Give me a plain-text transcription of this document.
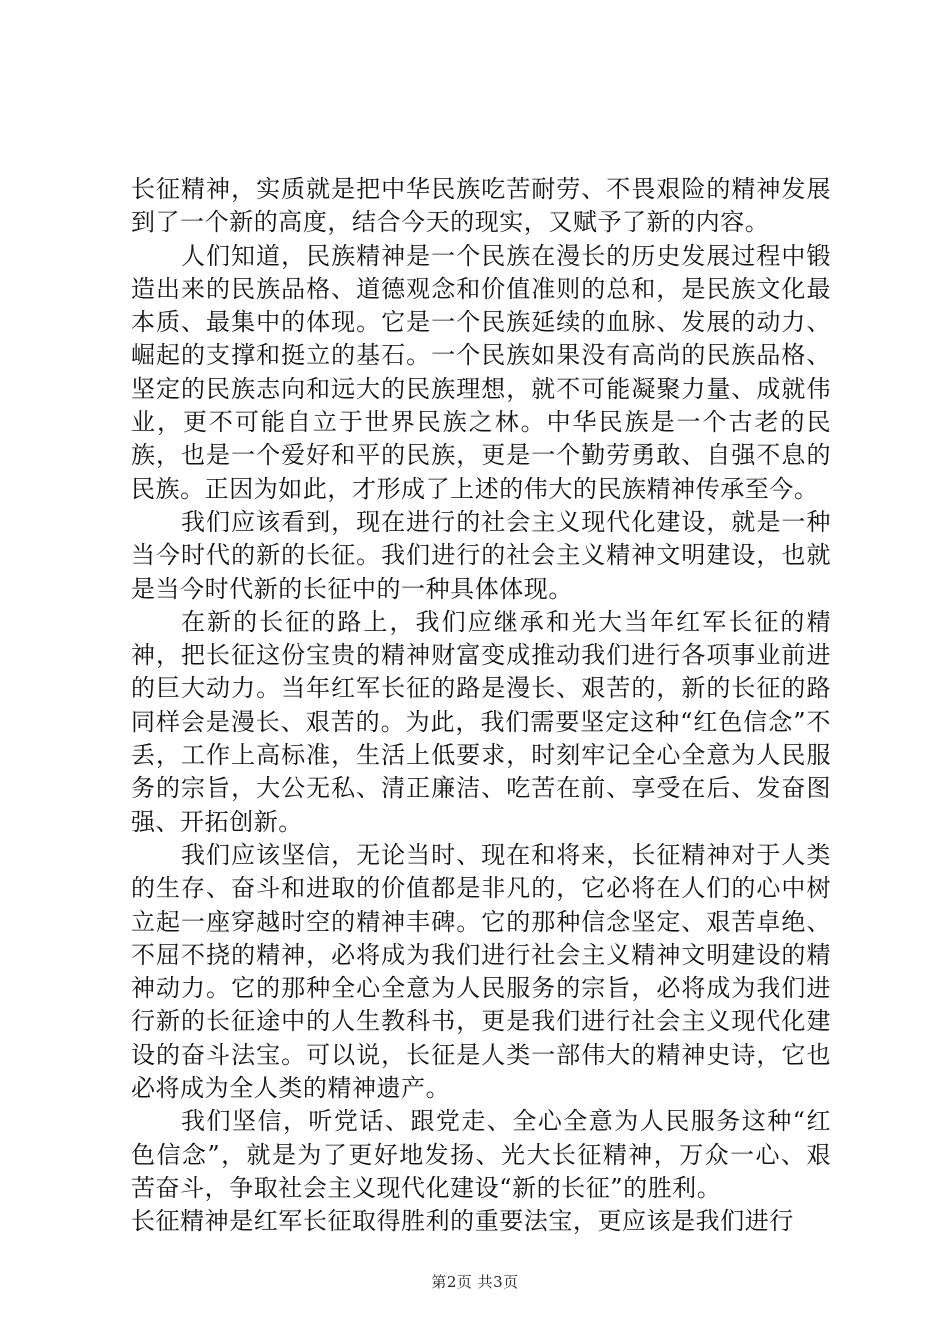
长征精神，实质就是把中华民族吃苦耐劳、不畏艰险的精神发展到了一个新的高度，结合今天的现实，又赋予了新的内容。

人们知道，民族精神是一个民族在漫长的历史发展过程中锻造出来的民族品格、道德观念和价值准则的总和，是民族文化最本质、最集中的体现。它是一个民族延续的血脉、发展的动力、崛起的支撑和挺立的基石。一个民族如果没有高尚的民族品格、坚定的民族志向和远大的民族理想，就不可能凝聚力量、成就伟业，更不可能自立于世界民族之林。中华民族是一个古老的民族，也是一个爱好和平的民族，更是一个勤劳勇敢、自强不息的民族。正因为如此，才形成了上述的伟大的民族精神传承至今。

我们应该看到，现在进行的社会主义现代化建设，就是一种当今时代的新的长征。我们进行的社会主义精神文明建设，也就是当今时代新的长征中的一种具体体现。

在新的长征的路上，我们应继承和光大当年红军长征的精神，把长征这份宝贵的精神财富变成推动我们进行各项事业前进的巨大动力。当年红军长征的路是漫长、艰苦的，新的长征的路同样会是漫长、艰苦的。为此，我们需要坚定这种“红色信念”不丢，工作上高标准，生活上低要求，时刻牢记全心全意为人民服务的宗旨，大公无私、清正廉洁、吃苦在前、享受在后、发奋图强、开拓创新。

我们应该坚信，无论当时、现在和将来，长征精神对于人类的生存、奋斗和进取的价值都是非凡的，它必将在人们的心中树立起一座穿越时空的精神丰碑。它的那种信念坚定、艰苦卓绝、不屈不挠的精神，必将成为我们进行社会主义精神文明建设的精神动力。它的那种全心全意为人民服务的宗旨，必将成为我们进行新的长征途中的人生教科书，更是我们进行社会主义现代化建设的奋斗法宝。可以说，长征是人类一部伟大的精神史诗，它也必将成为全人类的精神遗产。

我们坚信，听党话、跟党走、全心全意为人民服务这种“红色信念”，就是为了更好地发扬、光大长征精神，万众一心、艰苦奋斗，争取社会主义现代化建设“新的长征”的胜利。

长征精神是红军长征取得胜利的重要法宝，更应该是我们进行

第2页 共3页
